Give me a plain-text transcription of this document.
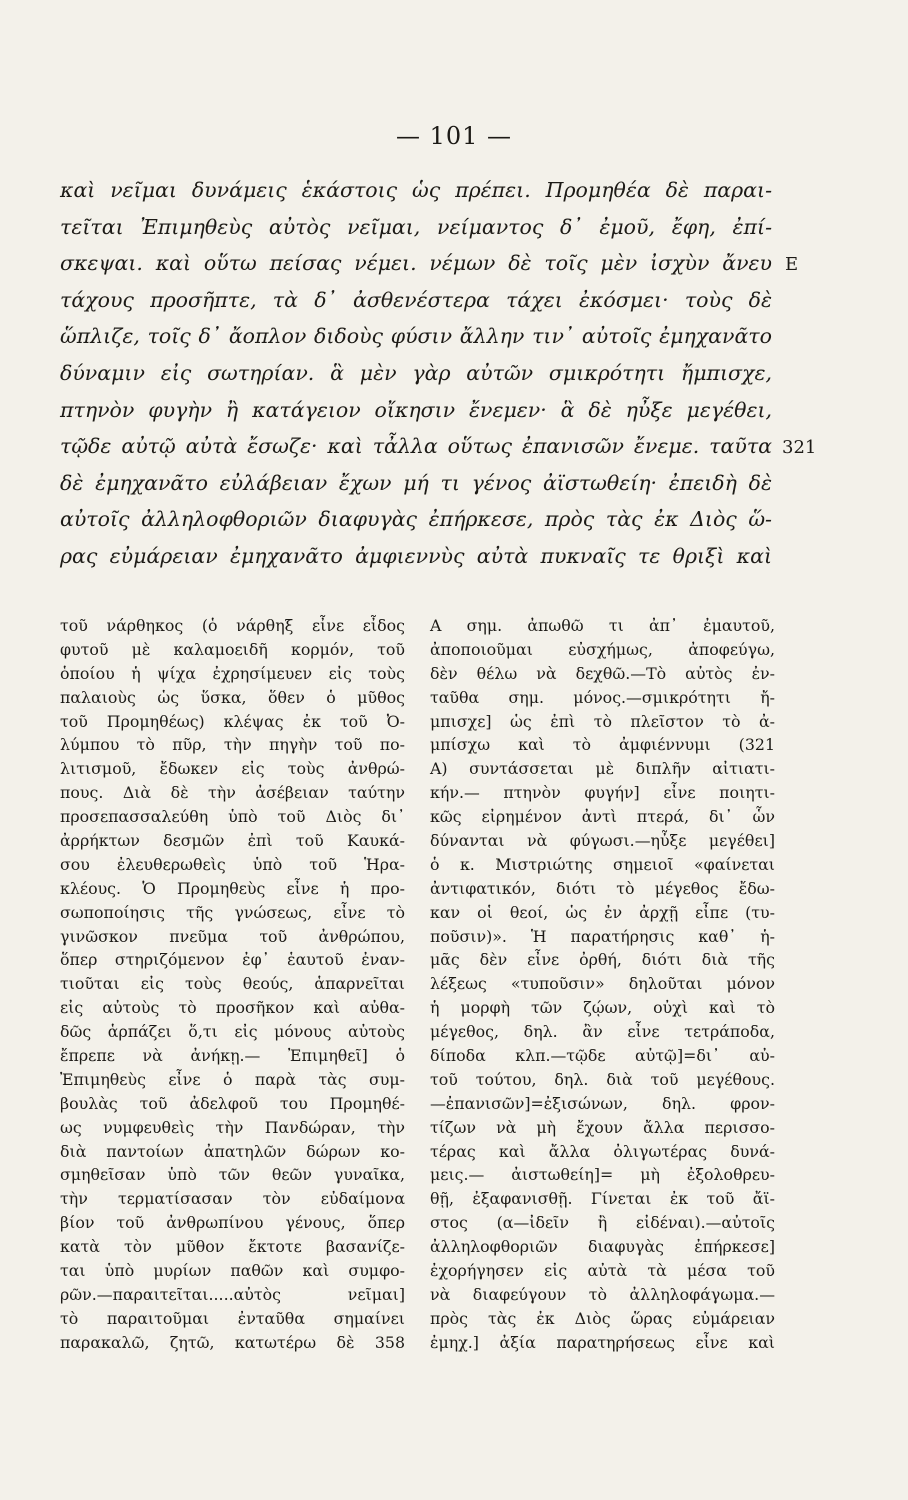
— 101 —
καὶ νεῖμαι δυνάμεις ἑκάστοις ὡς πρέπει. Προμηθέα δὲ παραι-
τεῖται Ἐπιμηθεὺς αὐτὸς νεῖμαι, νείμαντος δ᾽ ἐμοῦ, ἔφη, ἐπί-
σκεψαι. καὶ οὕτω πείσας νέμει. νέμων δὲ τοῖς μὲν ἰσχὺν ἄνευ
τάχους προσῆπτε, τὰ δ᾽ ἀσθενέστερα τάχει ἐκόσμει· τοὺς δὲ
ὥπλιζε, τοῖς δ᾽ ἄοπλον διδοὺς φύσιν ἄλλην τιν᾽ αὐτοῖς ἐμηχανᾶτο
δύναμιν εἰς σωτηρίαν. ἃ μὲν γὰρ αὐτῶν σμικρότητι ἤμπισχε,
πτηνὸν φυγὴν ἢ κατάγειον οἴκησιν ἔνεμεν· ἃ δὲ ηὖξε μεγέθει,
τῷδε αὐτῷ αὐτὰ ἔσωζε· καὶ τἆλλα οὕτως ἐπανισῶν ἔνεμε. ταῦτα
δὲ ἐμηχανᾶτο εὐλάβειαν ἔχων μή τι γένος ἀϊστωθείη· ἐπειδὴ δὲ
αὐτοῖς ἀλληλοφθοριῶν διαφυγὰς ἐπήρκεσε, πρὸς τὰς ἐκ Διὸς ὥ-
ρας εὐμάρειαν ἐμηχανᾶτο ἀμφιεννὺς αὐτὰ πυκναῖς τε θριξὶ καὶ
E
321
τοῦ νάρθηκος (ὁ νάρθηξ εἶνε εἶδος
φυτοῦ μὲ καλαμοειδῆ κορμόν, τοῦ
ὁποίου ἡ ψίχα ἐχρησίμευεν εἰς τοὺς
παλαιοὺς ὡς ὕσκα, ὅθεν ὁ μῦθος
τοῦ Προμηθέως) κλέψας ἐκ τοῦ Ὀ-
λύμπου τὸ πῦρ, τὴν πηγὴν τοῦ πο-
λιτισμοῦ, ἔδωκεν εἰς τοὺς ἀνθρώ-
πους. Διὰ δὲ τὴν ἀσέβειαν ταύτην
προσεπασσαλεύθη ὑπὸ τοῦ Διὸς δι᾽
ἀρρήκτων δεσμῶν ἐπὶ τοῦ Καυκά-
σου ἐλευθερωθεὶς ὑπὸ τοῦ Ἡρα-
κλέους. Ὁ Προμηθεὺς εἶνε ἡ προ-
σωποποίησις τῆς γνώσεως, εἶνε τὸ
γινῶσκον πνεῦμα τοῦ ἀνθρώπου,
ὅπερ στηριζόμενον ἐφ᾽ ἑαυτοῦ ἐναν-
τιοῦται εἰς τοὺς θεούς, ἁπαρνεῖται
εἰς αὐτοὺς τὸ προσῆκον καὶ αὐθα-
δῶς ἁρπάζει ὅ,τι εἰς μόνους αὐτοὺς
ἔπρεπε νὰ ἀνήκῃ.— Ἐπιμηθεῖ] ὁ
Ἐπιμηθεὺς εἶνε ὁ παρὰ τὰς συμ-
βουλὰς τοῦ ἀδελφοῦ του Προμηθέ-
ως νυμφευθεὶς τὴν Πανδώραν, τὴν
διὰ παντοίων ἀπατηλῶν δώρων κο-
σμηθεῖσαν ὑπὸ τῶν θεῶν γυναῖκα,
τὴν τερματίσασαν τὸν εὐδαίμονα
βίον τοῦ ἀνθρωπίνου γένους, ὅπερ
κατὰ τὸν μῦθον ἔκτοτε βασανίζε-
ται ὑπὸ μυρίων παθῶν καὶ συμφο-
ρῶν.—παραιτεῖται.....αὐτὸς νεῖμαι]
τὸ παραιτοῦμαι ἐνταῦθα σημαίνει
παρακαλῶ, ζητῶ, κατωτέρω δὲ 358
Α σημ. ἀπωθῶ τι ἀπ᾽ ἐμαυτοῦ,
ἀποποιοῦμαι εὐσχήμως, ἀποφεύγω,
δὲν θέλω νὰ δεχθῶ.—Τὸ αὐτὸς ἐν-
ταῦθα σημ. μόνος.—σμικρότητι ἤ-
μπισχε] ὡς ἐπὶ τὸ πλεῖστον τὸ ἀ-
μπίσχω καὶ τὸ ἀμφιέννυμι (321
Α) συντάσσεται μὲ διπλῆν αἰτιατι-
κήν.— πτηνὸν φυγήν] εἶνε ποιητι-
κῶς εἰρημένον ἀντὶ πτερά, δι᾽ ὧν
δύνανται νὰ φύγωσι.—ηὖξε μεγέθει]
ὁ κ. Μιστριώτης σημειοῖ «φαίνεται
ἀντιφατικόν, διότι τὸ μέγεθος ἔδω-
καν οἱ θεοί, ὡς ἐν ἀρχῇ εἶπε (τυ-
ποῦσιν)». Ἡ παρατήρησις καθ᾽ ἡ-
μᾶς δὲν εἶνε ὀρθή, διότι διὰ τῆς
λέξεως «τυποῦσιν» δηλοῦται μόνον
ἡ μορφὴ τῶν ζῴων, οὐχὶ καὶ τὸ
μέγεθος, δηλ. ἂν εἶνε τετράποδα,
δίποδα κλπ.—τῷδε αὐτῷ]=δι᾽ αὐ-
τοῦ τούτου, δηλ. διὰ τοῦ μεγέθους.
—ἐπανισῶν]=ἐξισώνων, δηλ. φρον-
τίζων νὰ μὴ ἔχουν ἄλλα περισσο-
τέρας καὶ ἄλλα ὀλιγωτέρας δυνά-
μεις.— ἀιστωθείη]= μὴ ἐξολοθρευ-
θῇ, ἐξαφανισθῇ. Γίνεται ἐκ τοῦ ἄϊ-
στος (α—ἰδεῖν ἢ εἰδέναι).—αὐτοῖς
ἀλληλοφθοριῶν διαφυγὰς ἐπήρκεσε]
ἐχορήγησεν εἰς αὐτὰ τὰ μέσα τοῦ
νὰ διαφεύγουν τὸ ἀλληλοφάγωμα.—
πρὸς τὰς ἐκ Διὸς ὥρας εὐμάρειαν
ἐμηχ.] ἀξία παρατηρήσεως εἶνε καὶ
